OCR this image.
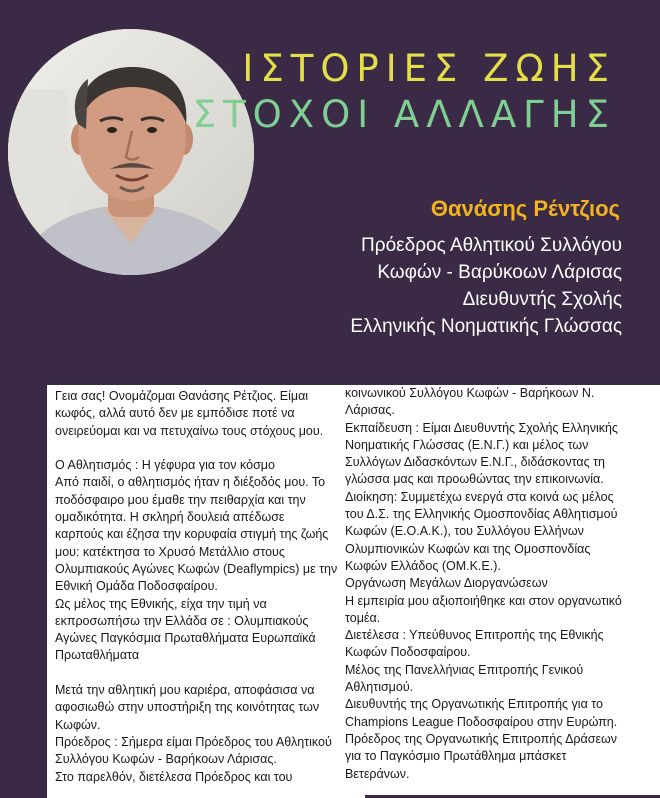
ΙΣΤΟΡΙΕΣ ΖΩΗΣ
ΣΤΟΧΟΙ ΑΛΛΑΓΗΣ
Θανάσης Ρέντζιος
Πρόεδρος Αθλητικού Συλλόγου
Κωφών - Βαρύκοων Λάρισας
Διευθυντής Σχολής
Ελληνικής Νοηματικής Γλώσσας

Γεια σας! Ονομάζομαι Θανάσης Ρέτζιος. Είμαι

κωφός, αλλά αυτό δεν με εμπόδισε ποτέ να

ονειρεύομαι και να πετυχαίνω τους στόχους μου.

Ο Αθλητισμός : Η γέφυρα για τον κόσμο

Από παιδί, ο αθλητισμός ήταν η διέξοδός μου. Το

ποδόσφαιρο μου έμαθε την πειθαρχία και την

ομαδικότητα. Η σκληρή δουλειά απέδωσε

καρπούς και έζησα την κορυφαία στιγμή της ζωής

μου: κατέκτησα το Χρυσό Μετάλλιο στους

Ολυμπιακούς Αγώνες Κωφών (Deaflympics) με την

Εθνική Ομάδα Ποδοσφαίρου.

Ως μέλος της Εθνικής, είχα την τιμή να

εκπροσωπήσω την Ελλάδα σε : Ολυμπιακούς

Αγώνες Παγκόσμια Πρωταθλήματα Ευρωπαϊκά

Πρωταθλήματα

Μετά την αθλητική μου καριέρα, αποφάσισα να

αφοσιωθώ στην υποστήριξη της κοινότητας των

Κωφών.

Πρόεδρος : Σήμερα είμαι Πρόεδρος του Αθλητικού

Συλλόγου Κωφών - Βαρήκοων Λάρισας.

Στο παρελθόν, διετέλεσα Πρόεδρος και του

κοινωνικού Συλλόγου Κωφών - Βαρήκοων Ν.

Λάρισας.

Εκπαίδευση : Είμαι Διευθυντής Σχολής Ελληνικής

Νοηματικής Γλώσσας (Ε.Ν.Γ.) και μέλος των

Συλλόγων Διδασκόντων Ε.Ν.Γ., διδάσκοντας τη

γλώσσα μας και προωθώντας την επικοινωνία.

Διοίκηση: Συμμετέχω ενεργά στα κοινά ως μέλος

του Δ.Σ. της Ελληνικής Ομοσπονδίας Αθλητισμού

Κωφών (Ε.Ο.Α.Κ.), του Συλλόγου Ελλήνων

Ολυμπιονικών Κωφών και της Ομοσπονδίας

Κωφών Ελλάδος (ΟΜ.Κ.Ε.).

Οργάνωση Μεγάλων Διοργανώσεων

Η εμπειρία μου αξιοποιήθηκε και στον οργανωτικό

τομέα.

Διετέλεσα : Υπεύθυνος Επιτροπής της Εθνικής

Κωφών Ποδοσφαίρου.

Μέλος της Πανελλήνιας Επιτροπής Γενικού

Αθλητισμού.

Διευθυντής της Οργανωτικής Επιτροπής για το

Champions League Ποδοσφαίρου στην Ευρώπη.

Πρόεδρος της Οργανωτικής Επιτροπής Δράσεων

για το Παγκόσμιο Πρωτάθλημα μπάσκετ

Βετεράνων.
